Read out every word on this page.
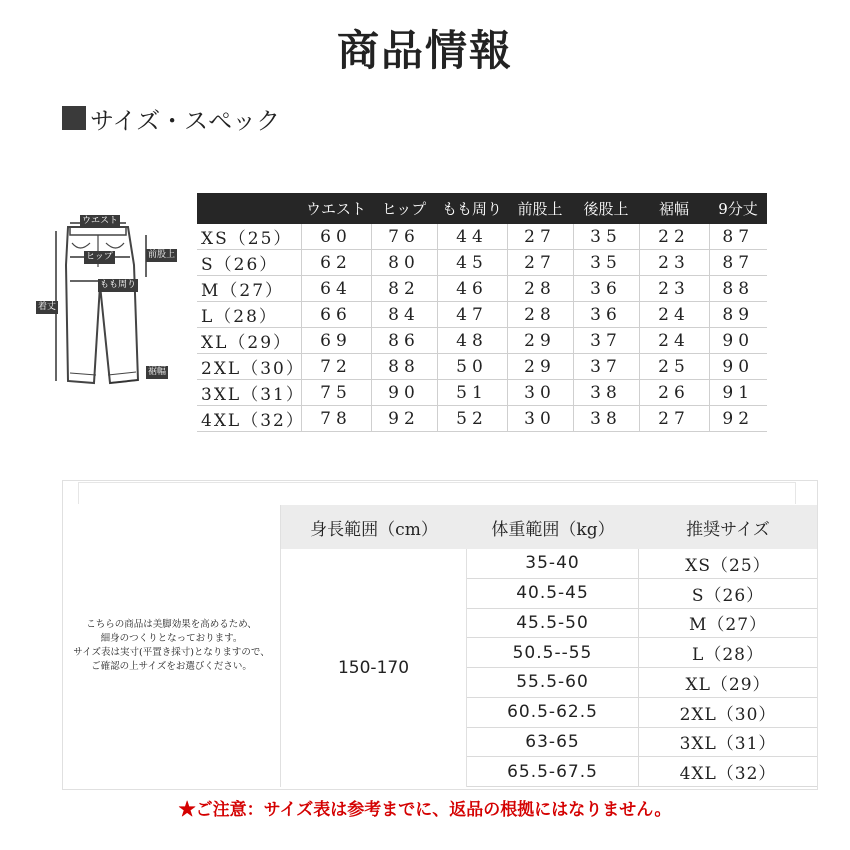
商品情報
サイズ・スペック
ウエスト
ヒップ	前股上
もも周り
着丈
裾幅
	ウエスト	ヒップ	もも周り	前股上	後股上	裾幅	9分丈
XS（25）	60	76	44	27	35	22	87
S（26）	62	80	45	27	35	23	87
M（27）	64	82	46	28	36	23	88
L（28）	66	84	47	28	36	24	89
XL（29）	69	86	48	29	37	24	90
2XL（30）	72	88	50	29	37	25	90
3XL（31）	75	90	51	30	38	26	91
4XL（32）	78	92	52	30	38	27	92
こちらの商品は美脚効果を高めるため、
細身のつくりとなっております。
サイズ表は実寸(平置き採寸)となりますので、
ご確認の上サイズをお選びください。
身長範囲（cm）	体重範囲（kg）	推奨サイズ
150-170
35-40	XS（25）
40.5-45	S（26）
45.5-50	M（27）
50.5--55	L（28）
55.5-60	XL（29）
60.5-62.5	2XL（30）
63-65	3XL（31）
65.5-67.5	4XL（32）
★ご注意：サイズ表は参考までに、返品の根拠にはなりません。
